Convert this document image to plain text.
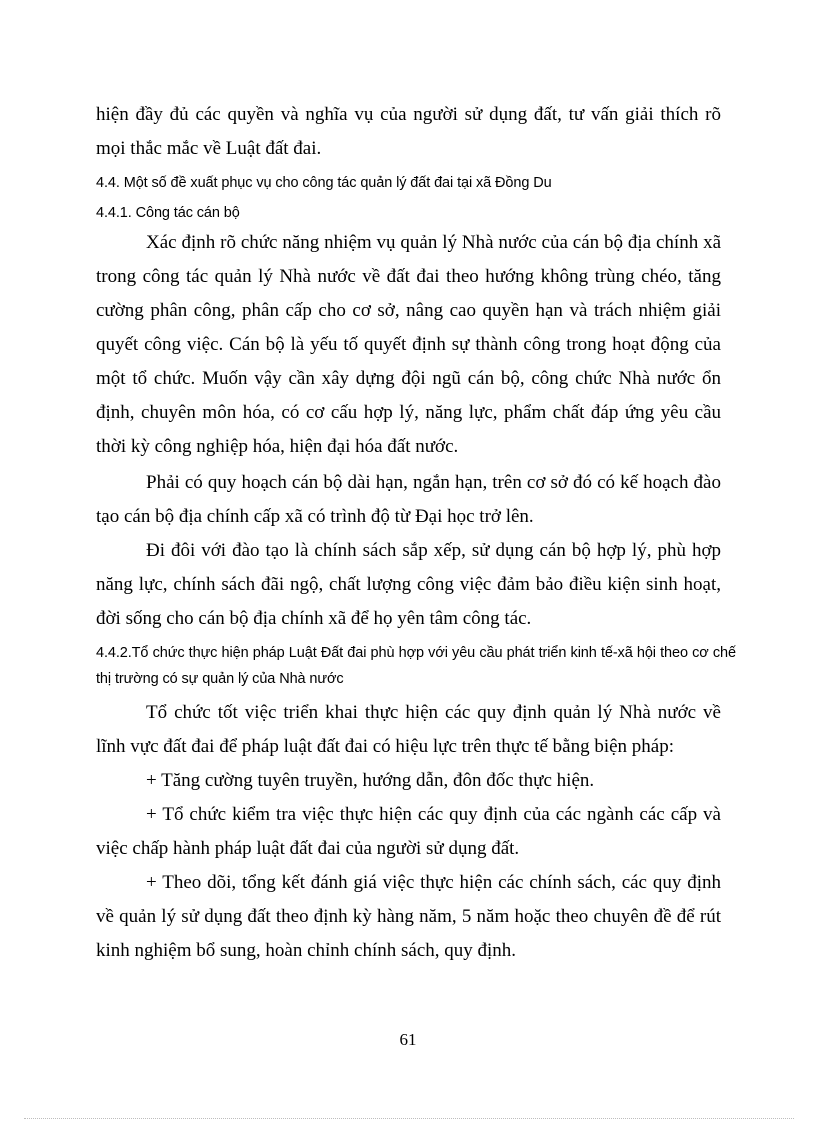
hiện đầy đủ các quyền và nghĩa vụ của người sử dụng đất, tư vấn giải thích rõ mọi thắc mắc về Luật đất đai.

4.4. Một số đề xuất phục vụ cho công tác quản lý đất đai tại xã Đồng Du

4.4.1. Công tác cán bộ

Xác định rõ chức năng nhiệm vụ quản lý Nhà nước của cán bộ địa chính xã trong công tác quản lý Nhà nước về đất đai theo hướng không trùng chéo, tăng cường phân công, phân cấp cho cơ sở, nâng cao quyền hạn và trách nhiệm giải quyết công việc. Cán bộ là yếu tố quyết định sự thành công trong hoạt động của một tổ chức. Muốn vậy cần xây dựng đội ngũ cán bộ, công chức Nhà nước ổn định, chuyên môn hóa, có cơ cấu hợp lý, năng lực, phẩm chất đáp ứng yêu cầu thời kỳ công nghiệp hóa, hiện đại hóa đất nước.

Phải có quy hoạch cán bộ dài hạn, ngắn hạn, trên cơ sở đó có kế hoạch đào tạo cán bộ địa chính cấp xã có trình độ từ Đại học trở lên.

Đi đôi với đào tạo là chính sách sắp xếp, sử dụng cán bộ hợp lý, phù hợp năng lực, chính sách đãi ngộ, chất lượng công việc đảm bảo điều kiện sinh hoạt, đời sống cho cán bộ địa chính xã để họ yên tâm công tác.

4.4.2.Tổ chức thực hiện pháp Luật Đất đai phù hợp với yêu cầu phát triển kinh tế-xã hội theo cơ chế thị trường có sự quản lý của Nhà nước

Tổ chức tốt việc triển khai thực hiện các quy định quản lý Nhà nước về lĩnh vực đất đai để pháp luật đất đai có hiệu lực trên thực tế bằng biện pháp:

+ Tăng cường tuyên truyền, hướng dẫn, đôn đốc thực hiện.

+ Tổ chức kiểm tra việc thực hiện các quy định của các ngành các cấp và việc chấp hành pháp luật đất đai của người sử dụng đất.

+ Theo dõi, tổng kết đánh giá việc thực hiện các chính sách, các quy định về quản lý sử dụng đất theo định kỳ hàng năm, 5 năm hoặc theo chuyên đề để rút kinh nghiệm bổ sung, hoàn chỉnh chính sách, quy định.

61
